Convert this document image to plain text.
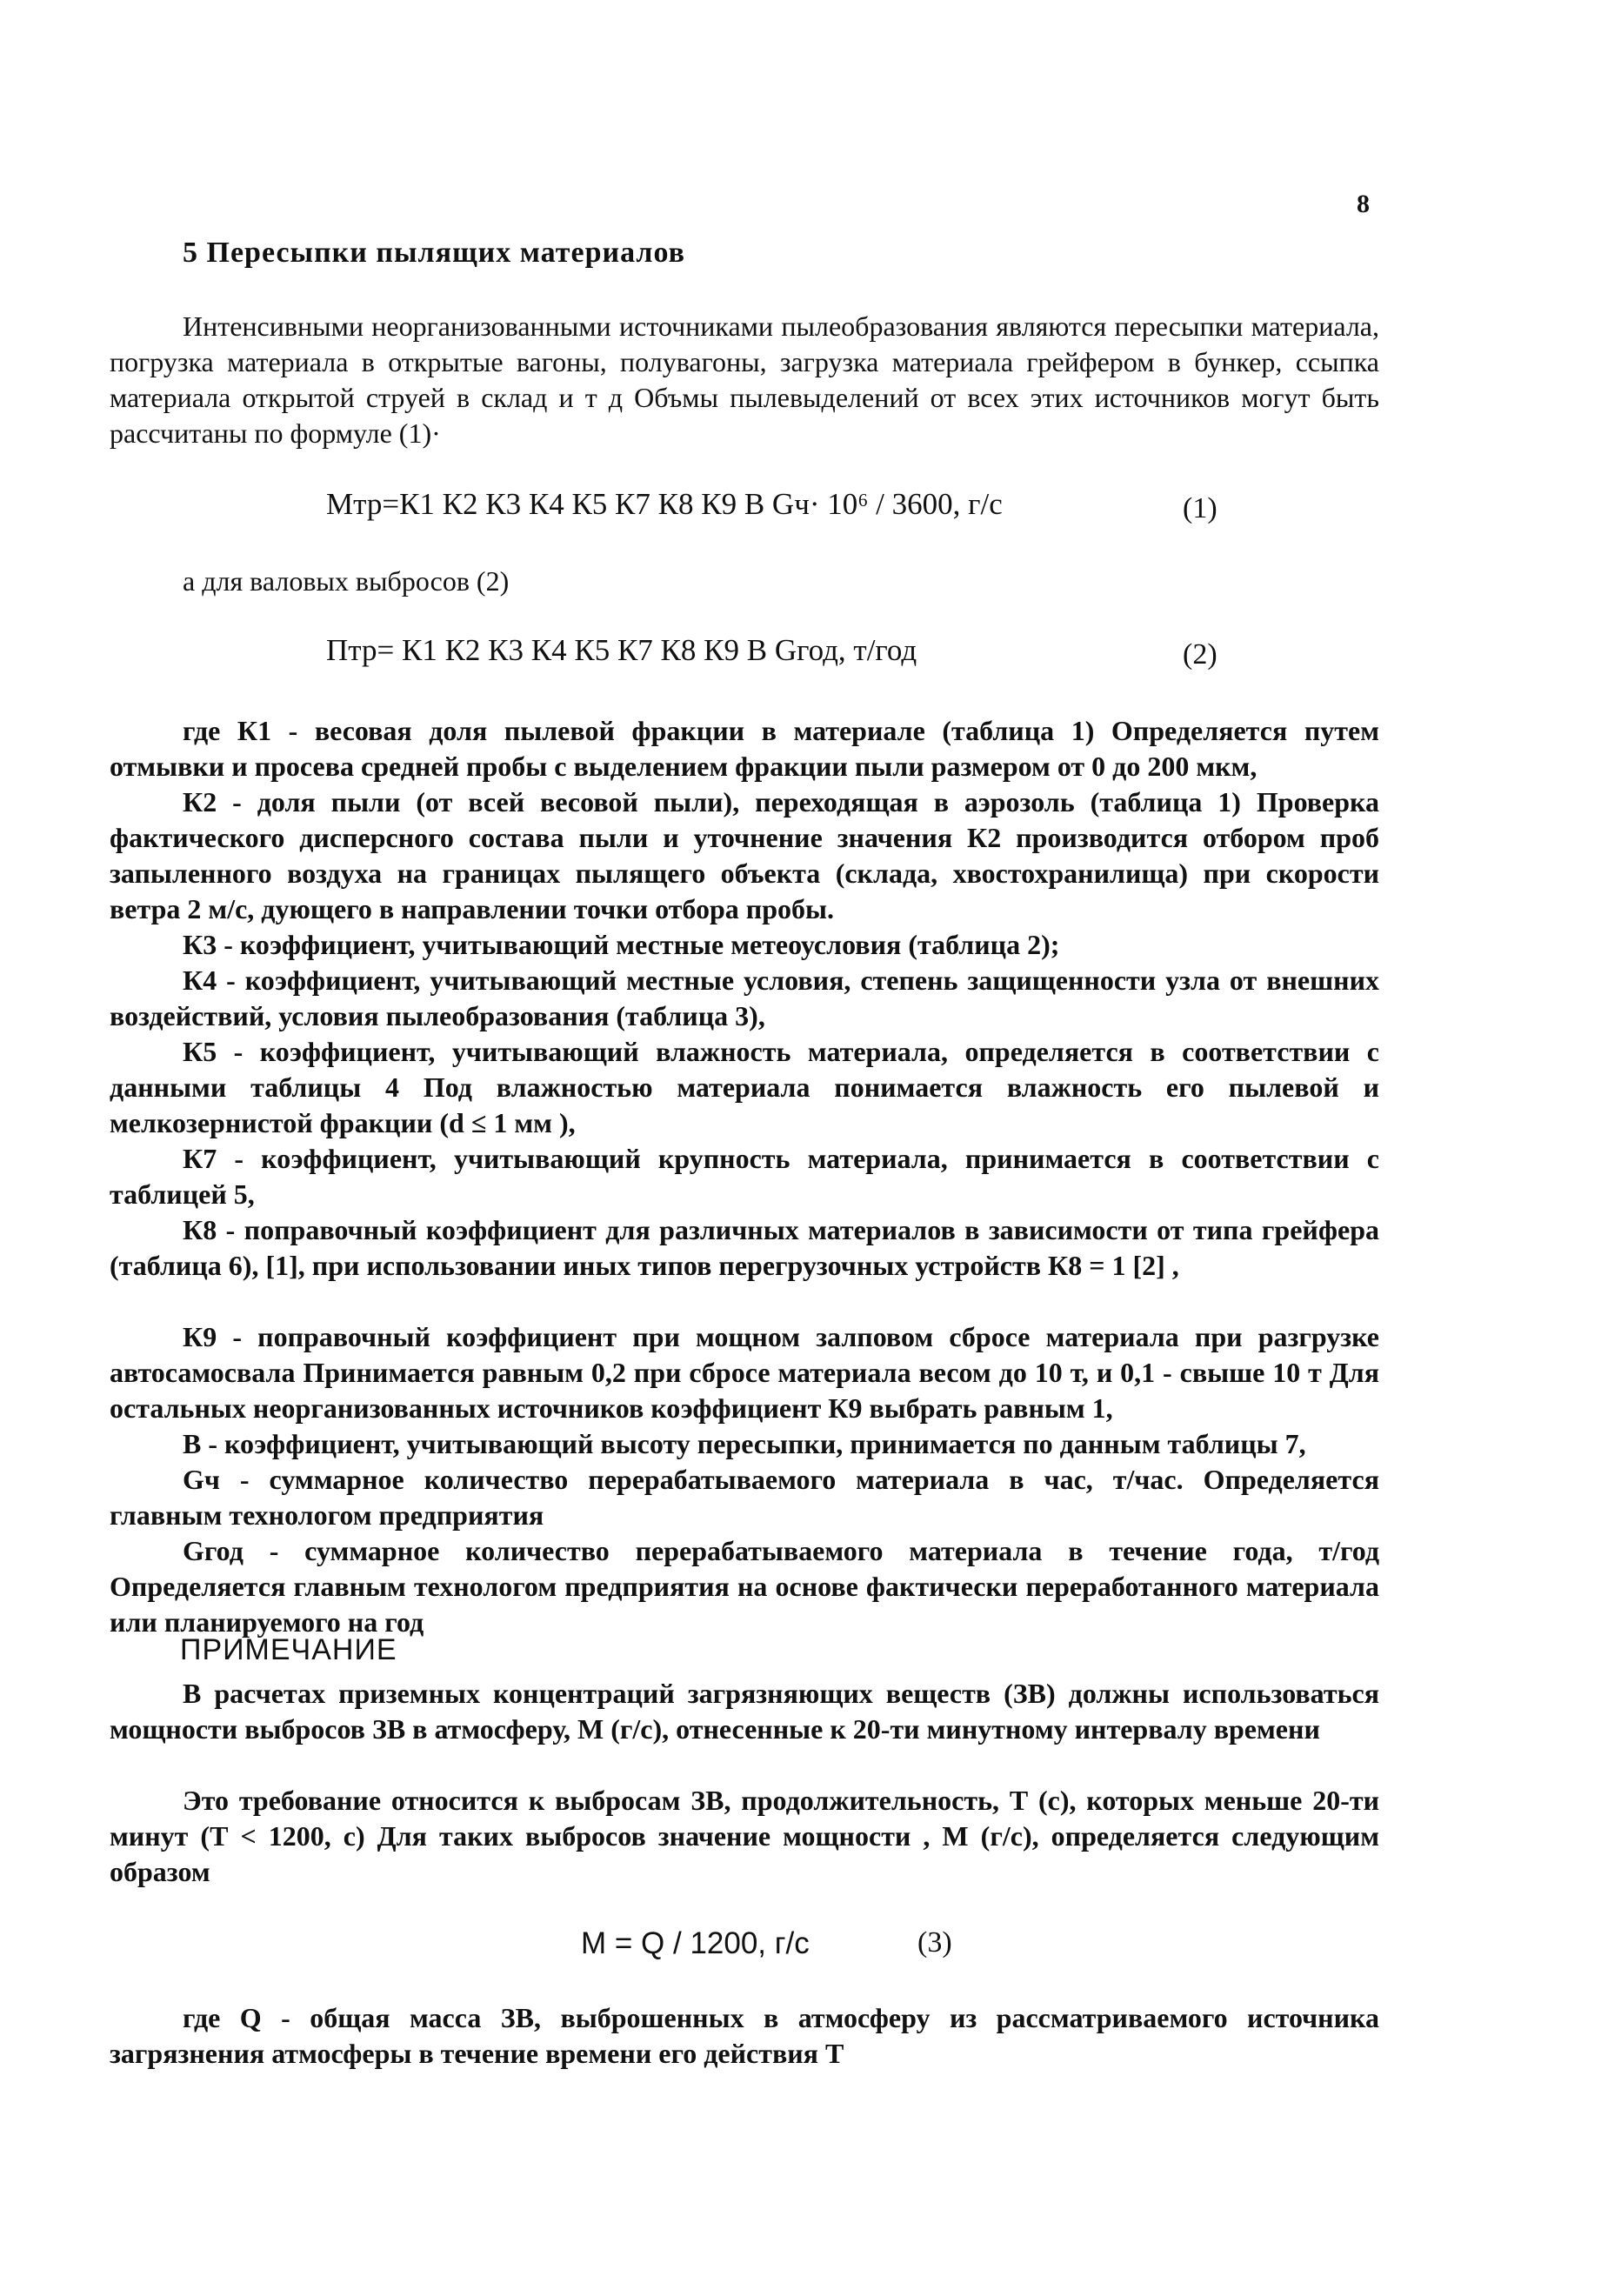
8
5 Пересыпки пылящих материалов

Интенсивными неорганизованными источниками пылеобразования являются пересыпки материала, погрузка материала в открытые вагоны, полувагоны, загрузка материала грейфером в бункер, ссыпка материала открытой струей в склад и т д Объмы пылевыделений от всех этих источников могут быть рассчитаны по формуле (1)·

Мтр=К1 К2 К3 К4 К5 К7 К8 К9 В Gч· 10⁶ / 3600, г/с	(1)
а для валовых выбросов (2)
Птр= К1 К2 К3 К4 К5 К7 К8 К9 В Gгод, т/год	(2)

где К1 - весовая доля пылевой фракции в материале (таблица 1) Определяется путем отмывки и просева средней пробы с выделением фракции пыли размером от 0 до 200 мкм,

К2 - доля пыли (от всей весовой пыли), переходящая в аэрозоль (таблица 1) Проверка фактического дисперсного состава пыли и уточнение значения К2 производится отбором проб запыленного воздуха на границах пылящего объекта (склада, хвостохранилища) при скорости ветра 2 м/с, дующего в направлении точки отбора пробы.

К3 - коэффициент, учитывающий местные метеоусловия (таблица 2);

К4 - коэффициент, учитывающий местные условия, степень защищенности узла от внешних воздействий, условия пылеобразования (таблица 3),

К5 - коэффициент, учитывающий влажность материала, определяется в соответствии с данными таблицы 4 Под влажностью материала понимается влажность его пылевой и мелкозернистой фракции (d ≤ 1 мм ),

К7 - коэффициент, учитывающий крупность материала, принимается в соответствии с таблицей 5,

К8 - поправочный коэффициент для различных материалов в зависимости от типа грейфера (таблица 6), [1], при использовании иных типов перегрузочных устройств К8 = 1 [2] ,

К9 - поправочный коэффициент при мощном залповом сбросе материала при разгрузке автосамосвала Принимается равным 0,2 при сбросе материала весом до 10 т, и 0,1 - свыше 10 т Для остальных неорганизованных источников коэффициент К9 выбрать равным 1,

В - коэффициент, учитывающий высоту пересыпки, принимается по данным таблицы 7,

Gч - суммарное количество перерабатываемого материала в час, т/час. Определяется главным технологом предприятия

Gгод - суммарное количество перерабатываемого материала в течение года, т/год Определяется главным технологом предприятия на основе фактически переработанного материала или планируемого на год

ПРИМЕЧАНИЕ

В расчетах приземных концентраций загрязняющих веществ (ЗВ) должны использоваться мощности выбросов ЗВ в атмосферу, М (г/с), отнесенные к 20-ти минутному интервалу времени

Это требование относится к выбросам ЗВ, продолжительность, Т (с), которых меньше 20-ти минут (Т < 1200, с) Для таких выбросов значение мощности , М (г/с), определяется следующим образом

М = Q / 1200, г/с	(3)

где Q - общая масса ЗВ, выброшенных в атмосферу из рассматриваемого источника загрязнения атмосферы в течение времени его действия Т
